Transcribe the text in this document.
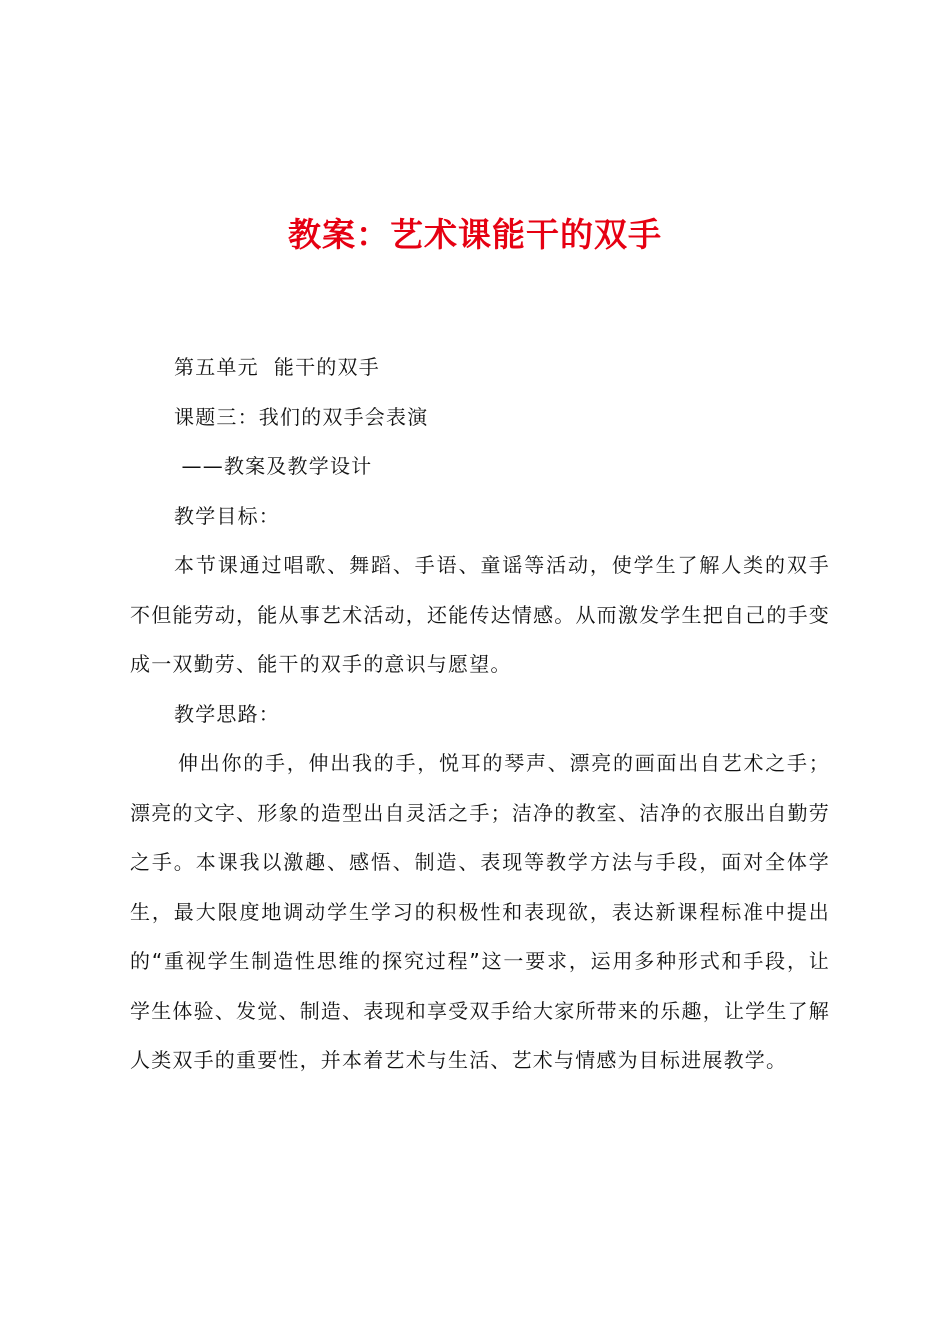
教案：艺术课能干的双手

第五单元  能干的双手

课题三：我们的双手会表演

——教案及教学设计

教学目标：

本节课通过唱歌、舞蹈、手语、童谣等活动，使学生了解人类的双手不但能劳动，能从事艺术活动，还能传达情感。从而激发学生把自己的手变成一双勤劳、能干的双手的意识与愿望。

教学思路：

伸出你的手，伸出我的手，悦耳的琴声、漂亮的画面出自艺术之手；漂亮的文字、形象的造型出自灵活之手；洁净的教室、洁净的衣服出自勤劳之手。本课我以激趣、感悟、制造、表现等教学方法与手段，面对全体学生，最大限度地调动学生学习的积极性和表现欲，表达新课程标准中提出的“重视学生制造性思维的探究过程”这一要求，运用多种形式和手段，让学生体验、发觉、制造、表现和享受双手给大家所带来的乐趣，让学生了解人类双手的重要性，并本着艺术与生活、艺术与情感为目标进展教学。
